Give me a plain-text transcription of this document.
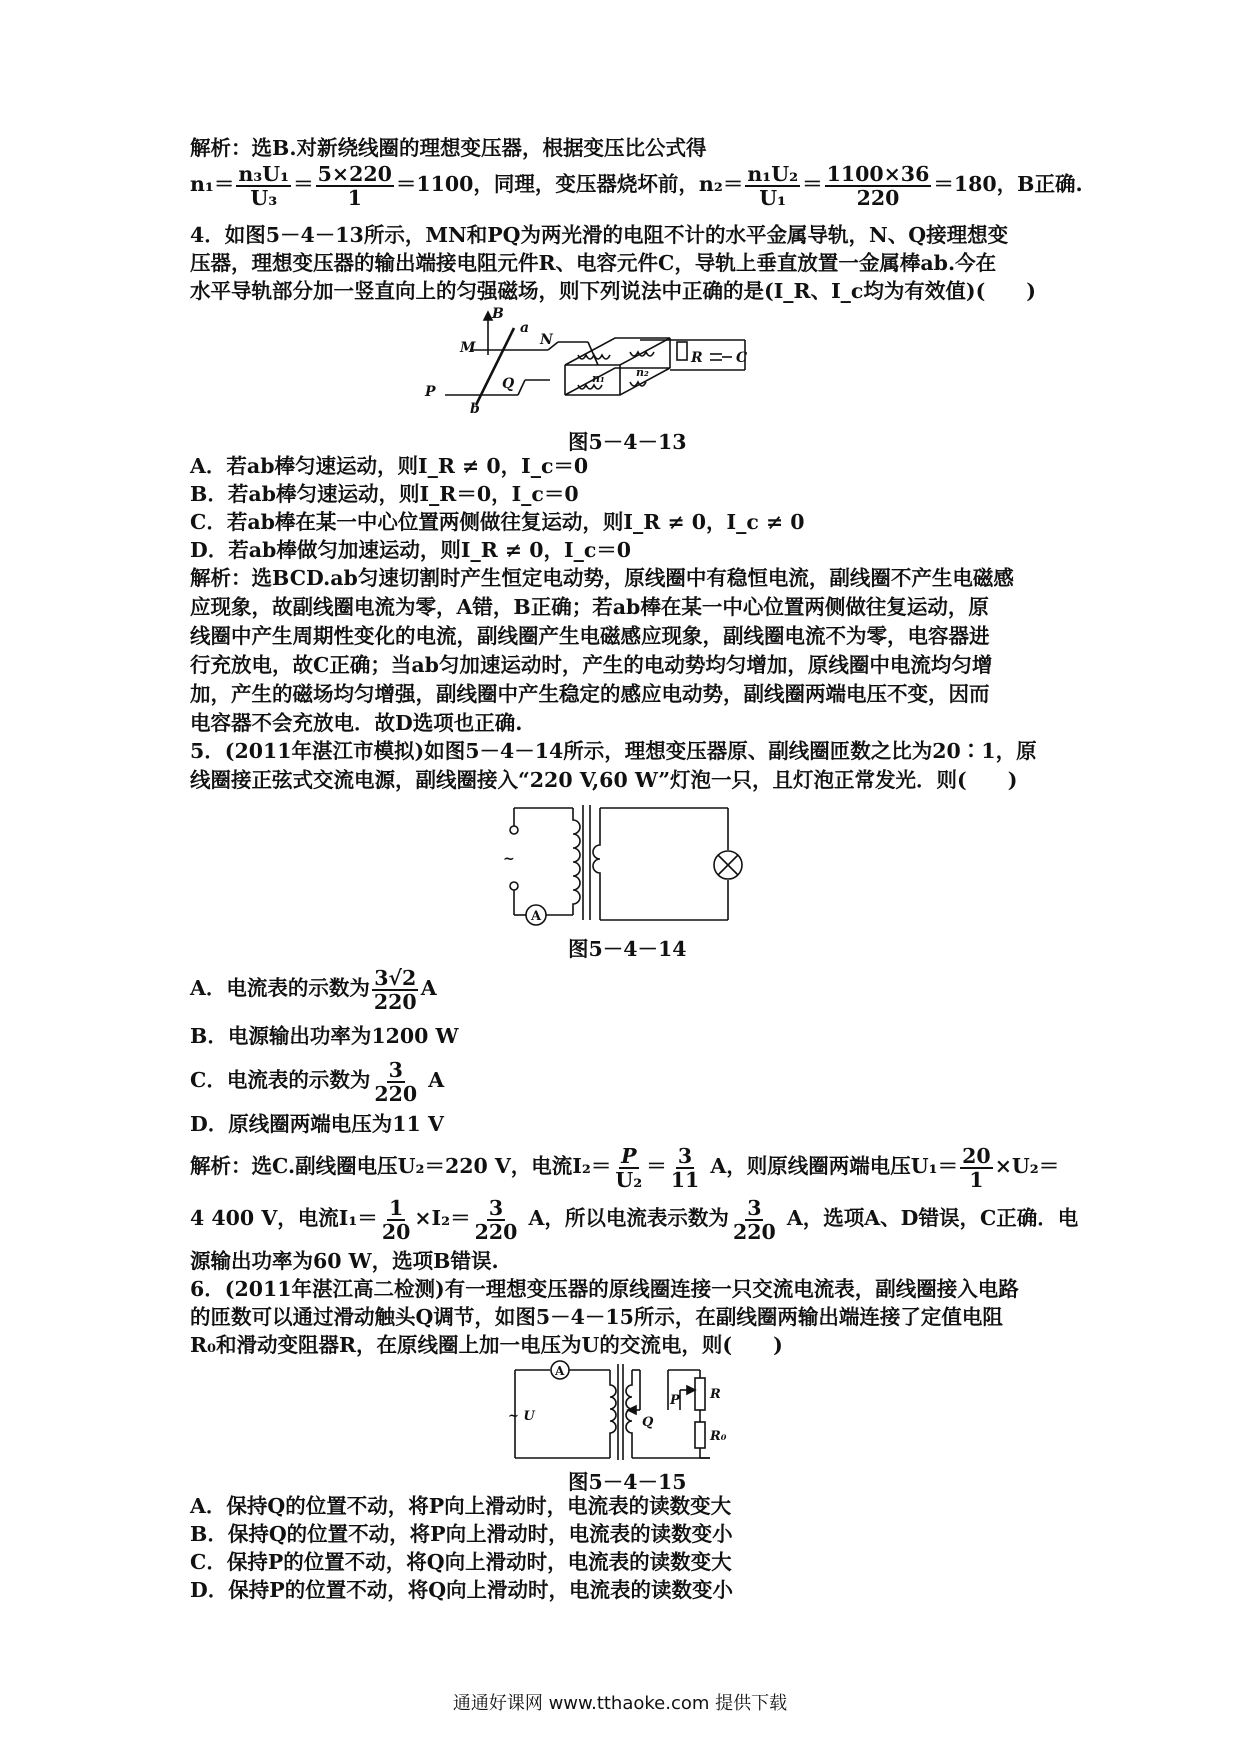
解析：选B.对新绕线圈的理想变压器，根据变压比公式得
$n_1= \frac{\text{n₃U₁}}{\text{U₃}} = \frac{5\times 220}{1} =1100$，同理，变压器烧坏前，$n_2= \frac{\text{n₁U₂}}{\text{U₁}} = \frac{1100\times 36}{220} =180$，B正确.
4．如图5－4－13所示，MN和PQ为两光滑的电阻不计的水平金属导轨，N、Q接理想变
压器，理想变压器的输出端接电阻元件R、电容元件C，导轨上垂直放置一金属棒ab.今在
水平导轨部分加一竖直向上的匀强磁场，则下列说法中正确的是(I_R、I_c均为有效值)(　　)
B
M
a
N
P
b
Q	n₁	n₂
R C
图5－4－13
A．若ab棒匀速运动，则I_R ≠ 0，I_c＝0
B．若ab棒匀速运动，则I_R＝0，I_c＝0
C．若ab棒在某一中心位置两侧做往复运动，则I_R ≠ 0，I_c ≠ 0
D．若ab棒做匀加速运动，则I_R ≠ 0，I_c＝0
解析：选BCD.ab匀速切割时产生恒定电动势，原线圈中有稳恒电流，副线圈不产生电磁感
应现象，故副线圈电流为零，A错，B正确；若ab棒在某一中心位置两侧做往复运动，原
线圈中产生周期性变化的电流，副线圈产生电磁感应现象，副线圈电流不为零，电容器进
行充放电，故C正确；当ab匀加速运动时，产生的电动势均匀增加，原线圈中电流均匀增
加，产生的磁场均匀增强，副线圈中产生稳定的感应电动势，副线圈两端电压不变，因而
电容器不会充放电．故D选项也正确.
5．(2011年湛江市模拟)如图5－4－14所示，理想变压器原、副线圈匝数之比为20∶1，原
线圈接正弦式交流电源，副线圈接入“220 V,60 W”灯泡一只，且灯泡正常发光．则(　　)
~
A
图5－4－14
A．电流表的示数为 $\frac{3√2}{220}$ A
B．电源输出功率为1200 W
C．电流表的示数为 $\frac{3}{220}$ A
D．原线圈两端电压为11 V
解析：选C.副线圈电压U₂＝220 V，电流$I_2= \frac{P}{\text{U₂}} = \frac{3}{11}$ A，则原线圈两端电压$U_1= \frac{20}{1} \times U_2=$
4 400 V，电流$I_1= \frac{1}{20} \times I_2= \frac{3}{220}$ A，所以电流表示数为 $\frac{3}{220}$ A，选项A、D错误，C正确．电
源输出功率为60 W，选项B错误.
6．(2011年湛江高二检测)有一理想变压器的原线圈连接一只交流电流表，副线圈接入电路
的匝数可以通过滑动触头Q调节，如图5－4－15所示，在副线圈两输出端连接了定值电阻
R₀和滑动变阻器R，在原线圈上加一电压为U的交流电，则(　　)
A
~ U	Q
P R
R₀
图5－4－15
A．保持Q的位置不动，将P向上滑动时，电流表的读数变大
B．保持Q的位置不动，将P向上滑动时，电流表的读数变小
C．保持P的位置不动，将Q向上滑动时，电流表的读数变大
D．保持P的位置不动，将Q向上滑动时，电流表的读数变小
通通好课网 www.tthaoke.com 提供下载
